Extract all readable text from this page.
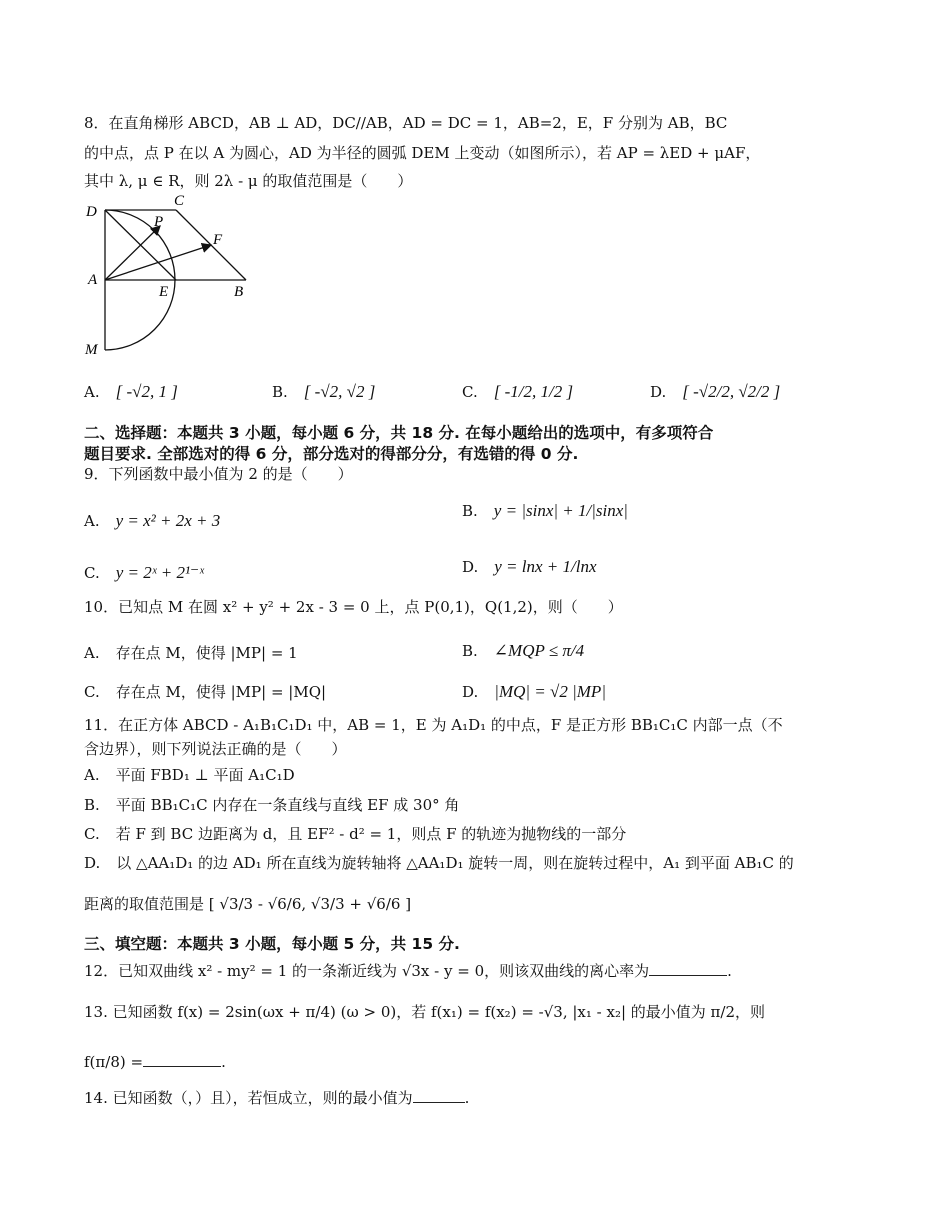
8．在直角梯形 ABCD，AB ⊥ AD，DC//AB，AD = DC = 1，AB=2，E，F 分别为 AB，BC
的中点，点 P 在以 A 为圆心，AD 为半径的圆弧 DEM 上变动（如图所示），若 AP = λED + μAF，
其中 λ, μ ∈ R，则 2λ - μ 的取值范围是（　　）
D
C
P
F
A
E	B
M
A. [ -√2, 1 ]	B. [ -√2, √2 ]	C. [ -1/2, 1/2 ]	D. [ -√2/2, √2/2 ]
二、选择题：本题共 3 小题，每小题 6 分，共 18 分. 在每小题给出的选项中，有多项符合
题目要求. 全部选对的得 6 分，部分选对的得部分分，有选错的得 0 分.
9．下列函数中最小值为 2 的是（　　）
A. y = x² + 2x + 3	B. y = |sinx| + 1/|sinx|
C. y = 2ˣ + 2¹⁻ˣ	D. y = lnx + 1/lnx
10．已知点 M 在圆 x² + y² + 2x - 3 = 0 上，点 P(0,1)，Q(1,2)，则（　　）
A. 存在点 M，使得 |MP| = 1	B. ∠MQP ≤ π/4
C. 存在点 M，使得 |MP| = |MQ|	D. |MQ| = √2 |MP|
11．在正方体 ABCD - A₁B₁C₁D₁ 中，AB = 1，E 为 A₁D₁ 的中点，F 是正方形 BB₁C₁C 内部一点（不
含边界），则下列说法正确的是（　　）
A. 平面 FBD₁ ⊥ 平面 A₁C₁D
B. 平面 BB₁C₁C 内存在一条直线与直线 EF 成 30° 角
C. 若 F 到 BC 边距离为 d，且 EF² - d² = 1，则点 F 的轨迹为抛物线的一部分
D. 以 △AA₁D₁ 的边 AD₁ 所在直线为旋转轴将 △AA₁D₁ 旋转一周，则在旋转过程中，A₁ 到平面 AB₁C 的
距离的取值范围是 [ √3/3 - √6/6, √3/3 + √6/6 ]
三、填空题：本题共 3 小题，每小题 5 分，共 15 分.
12．已知双曲线 x² - my² = 1 的一条渐近线为 √3x - y = 0，则该双曲线的离心率为	.
13. 已知函数 f(x) = 2sin(ωx + π/4) (ω > 0)，若 f(x₁) = f(x₂) = -√3, |x₁ - x₂| 的最小值为 π/2，则
f(π/8) =	.
14. 已知函数（，）且），若恒成立，则的最小值为	.
